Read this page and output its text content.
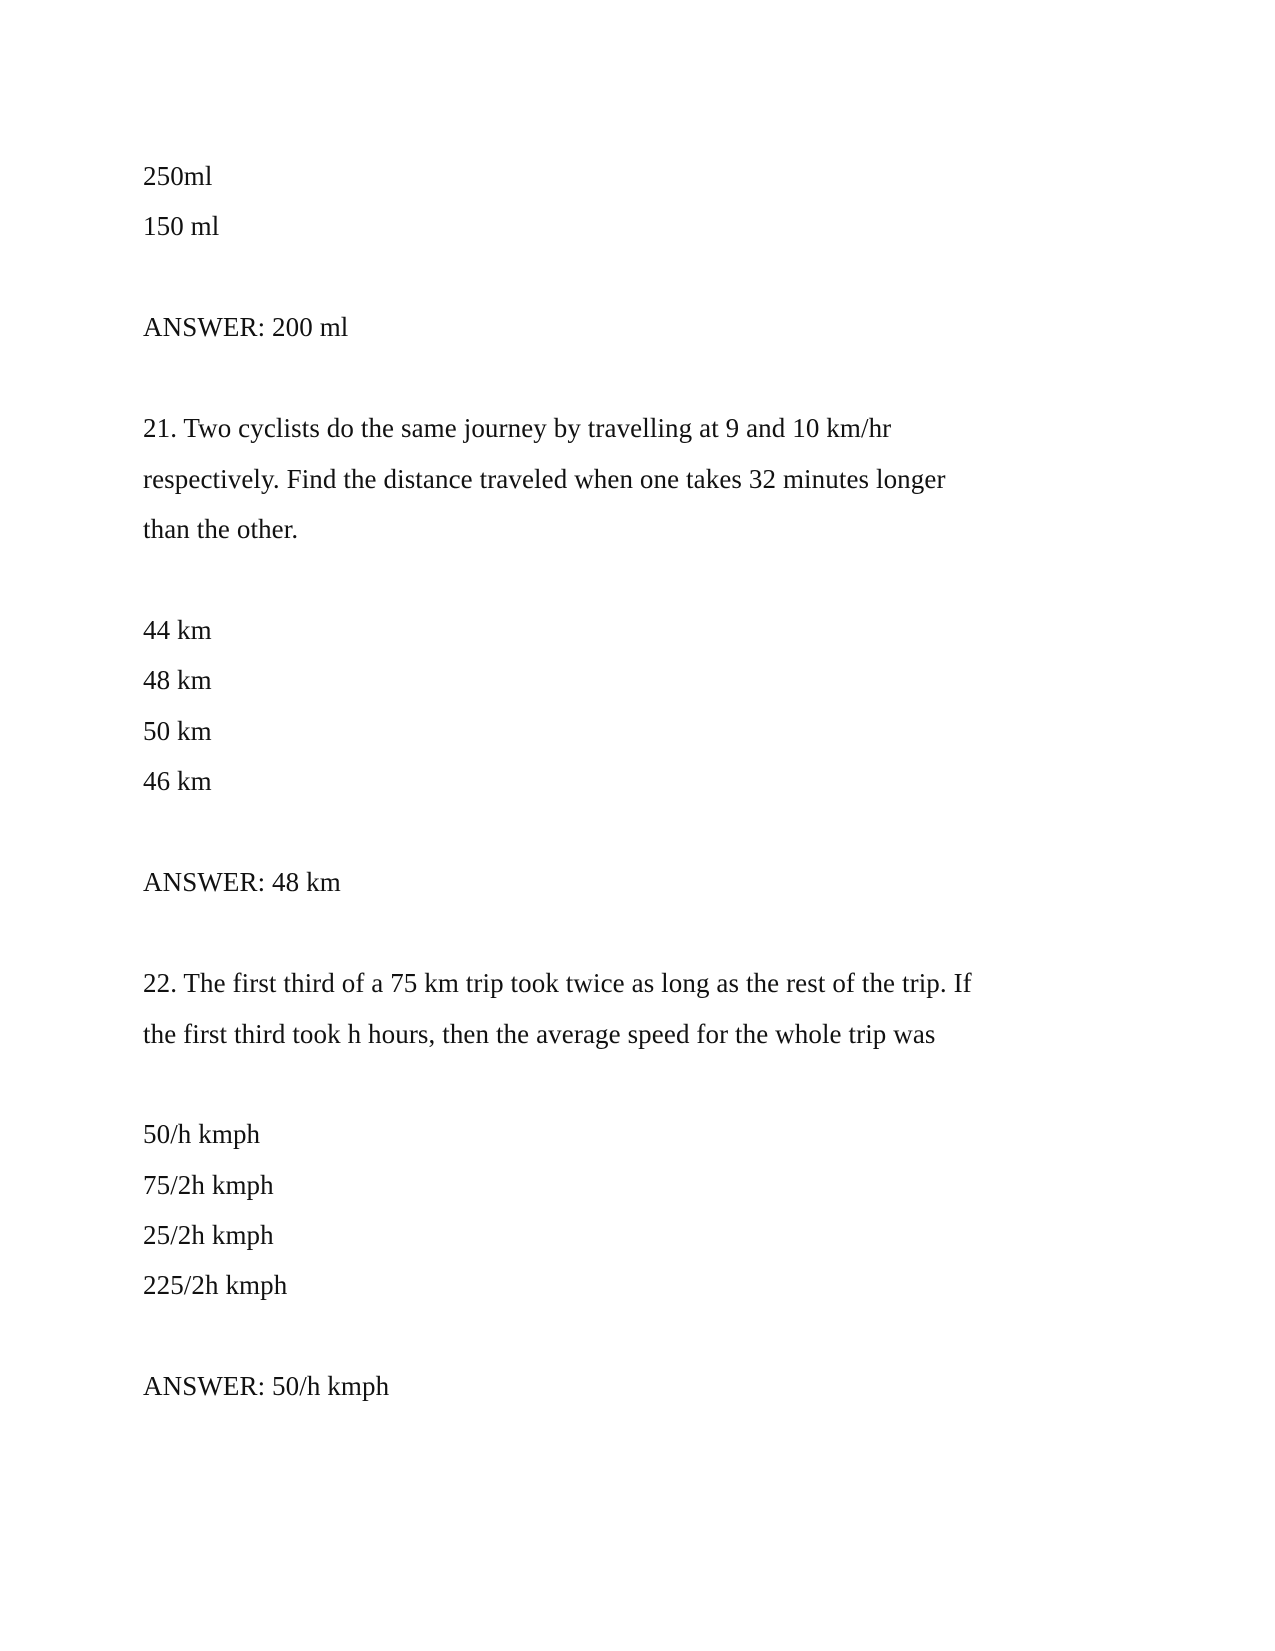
250ml
150 ml
ANSWER: 200 ml
21. Two cyclists do the same journey by travelling at 9 and 10 km/hr
respectively. Find the distance traveled when one takes 32 minutes longer
than the other.
44 km
48 km
50 km
46 km
ANSWER: 48 km
22. The first third of a 75 km trip took twice as long as the rest of the trip. If
the first third took h hours, then the average speed for the whole trip was
50/h kmph
75/2h kmph
25/2h kmph
225/2h kmph
ANSWER: 50/h kmph
